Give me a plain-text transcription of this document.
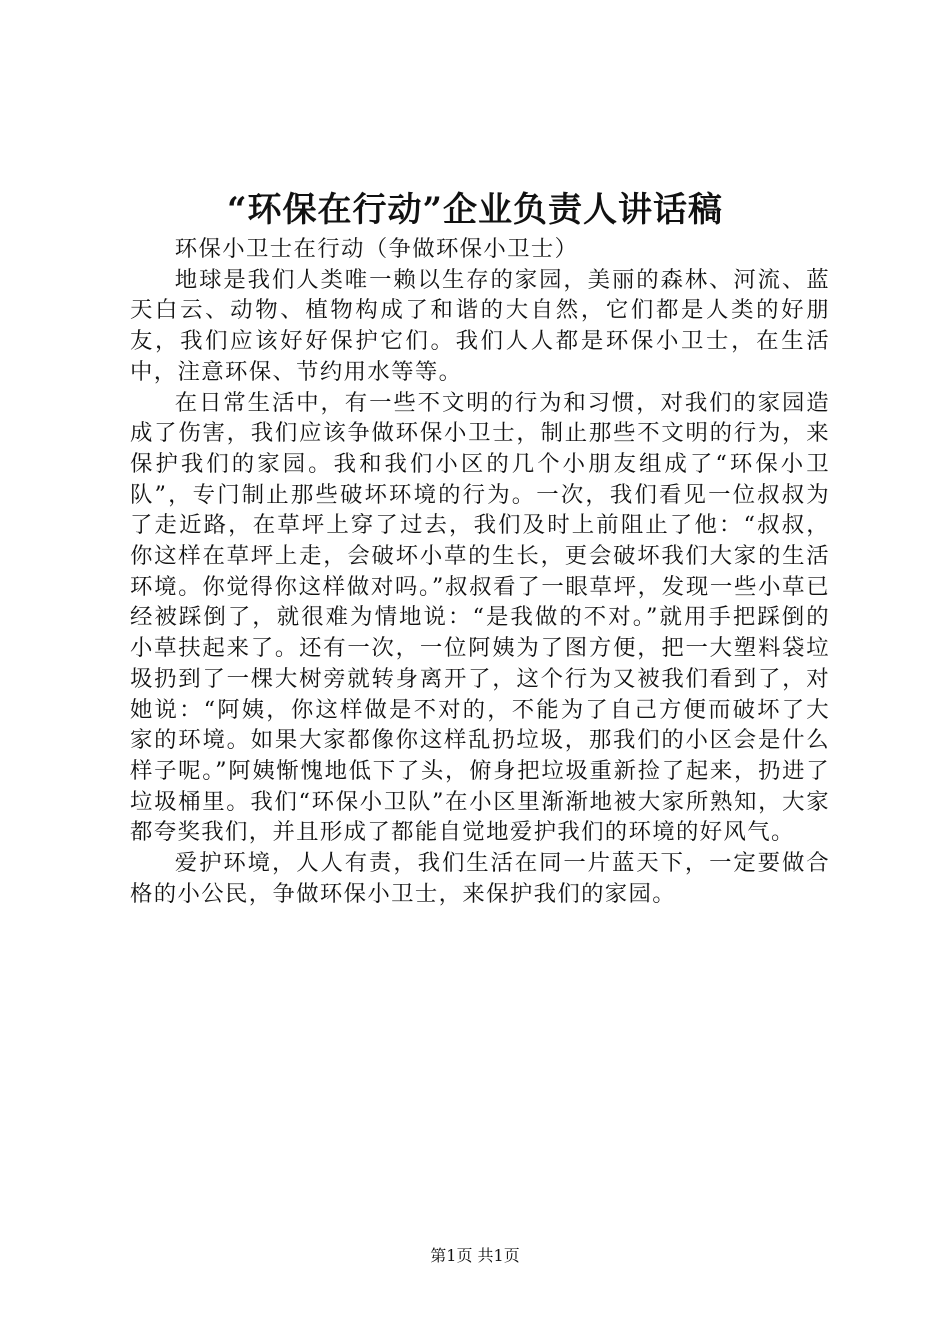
“环保在行动”企业负责人讲话稿

环保小卫士在行动（争做环保小卫士）

地球是我们人类唯一赖以生存的家园，美丽的森林、河流、蓝天白云、动物、植物构成了和谐的大自然，它们都是人类的好朋友，我们应该好好保护它们。我们人人都是环保小卫士，在生活中，注意环保、节约用水等等。

在日常生活中，有一些不文明的行为和习惯，对我们的家园造成了伤害，我们应该争做环保小卫士，制止那些不文明的行为，来保护我们的家园。我和我们小区的几个小朋友组成了“环保小卫队”，专门制止那些破坏环境的行为。一次，我们看见一位叔叔为了走近路，在草坪上穿了过去，我们及时上前阻止了他：“叔叔，你这样在草坪上走，会破坏小草的生长，更会破坏我们大家的生活环境。你觉得你这样做对吗。”叔叔看了一眼草坪，发现一些小草已经被踩倒了，就很难为情地说：“是我做的不对。”就用手把踩倒的小草扶起来了。还有一次，一位阿姨为了图方便，把一大塑料袋垃圾扔到了一棵大树旁就转身离开了，这个行为又被我们看到了，对她说：“阿姨，你这样做是不对的，不能为了自己方便而破坏了大家的环境。如果大家都像你这样乱扔垃圾，那我们的小区会是什么样子呢。”阿姨惭愧地低下了头，俯身把垃圾重新捡了起来，扔进了垃圾桶里。我们“环保小卫队”在小区里渐渐地被大家所熟知，大家都夸奖我们，并且形成了都能自觉地爱护我们的环境的好风气。

爱护环境，人人有责，我们生活在同一片蓝天下，一定要做合格的小公民，争做环保小卫士，来保护我们的家园。

第1页 共1页
